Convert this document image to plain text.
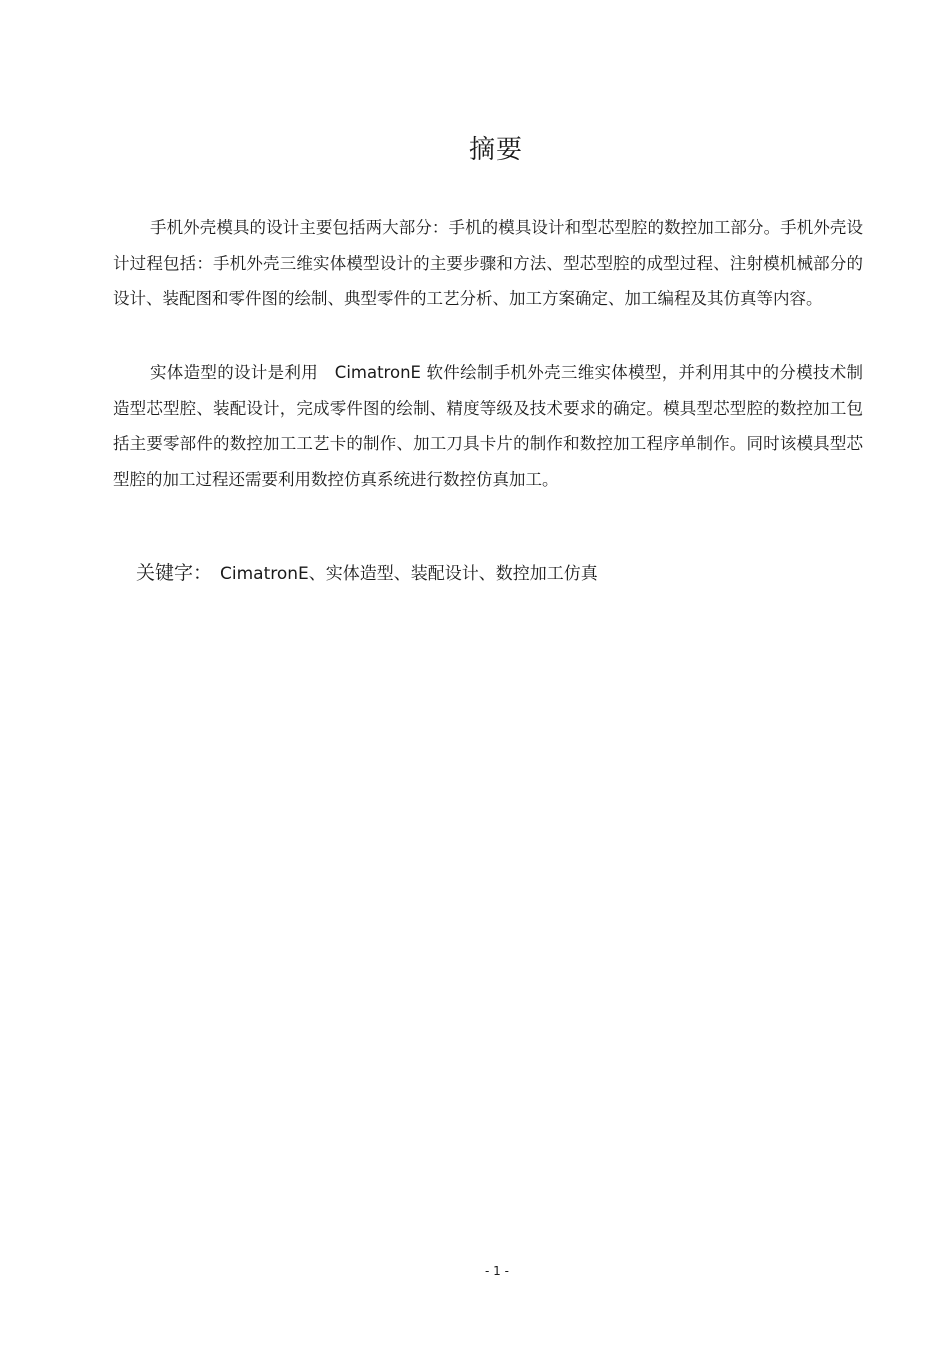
摘要

手机外壳模具的设计主要包括两大部分：手机的模具设计和型芯型腔的数控加工部分。手机外壳设计过程包括：手机外壳三维实体模型设计的主要步骤和方法、型芯型腔的成型过程、注射模机械部分的设计、装配图和零件图的绘制、典型零件的工艺分析、加工方案确定、加工编程及其仿真等内容。

实体造型的设计是利用　CimatronE 软件绘制手机外壳三维实体模型，并利用其中的分模技术制造型芯型腔、装配设计，完成零件图的绘制、精度等级及技术要求的确定。模具型芯型腔的数控加工包括主要零部件的数控加工工艺卡的制作、加工刀具卡片的制作和数控加工程序单制作。同时该模具型芯型腔的加工过程还需要利用数控仿真系统进行数控仿真加工。

关键字： CimatronE、实体造型、装配设计、数控加工仿真
- 1 -
